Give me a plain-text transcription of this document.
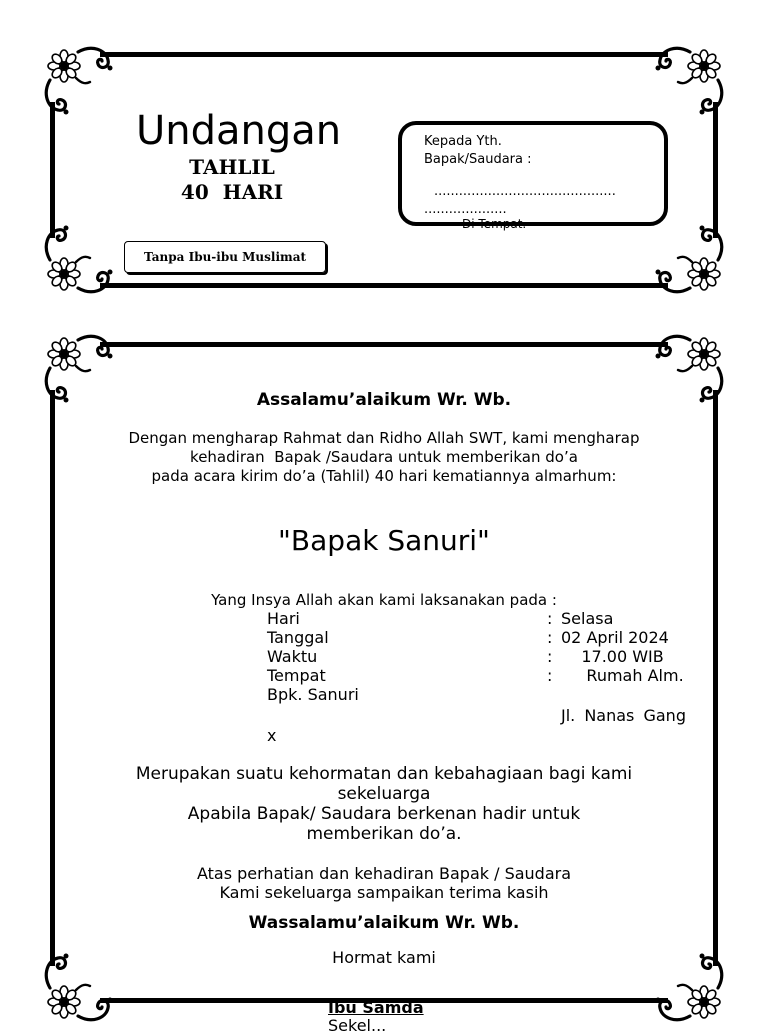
Undangan
TAHLIL
40  HARI
Tanpa Ibu-ibu Muslimat
Kepada Yth.
Bapak/Saudara :
............................................
....................
Di Tempat.
Assalamu’alaikum Wr. Wb.
Dengan mengharap Rahmat dan Ridho Allah SWT, kami mengharap
kehadiran  Bapak /Saudara untuk memberikan do’a
pada acara kirim do’a (Tahlil) 40 hari kematiannya almarhum:
"Bapak Sanuri"
Yang Insya Allah akan kami laksanakan pada :
Hari	: Selasa
Tanggal	: 02 April 2024
Waktu	: 17.00 WIB
Tempat	: Rumah Alm.
Bpk. Sanuri
Jl. Nanas Gang
x
Merupakan suatu kehormatan dan kebahagiaan bagi kami sekeluarga
Apabila Bapak/ Saudara berkenan hadir untuk memberikan do’a.
Atas perhatian dan kehadiran Bapak / Saudara
Kami sekeluarga sampaikan terima kasih
Wassalamu’alaikum Wr. Wb.
Hormat kami
Ibu Samda
Sekel...
